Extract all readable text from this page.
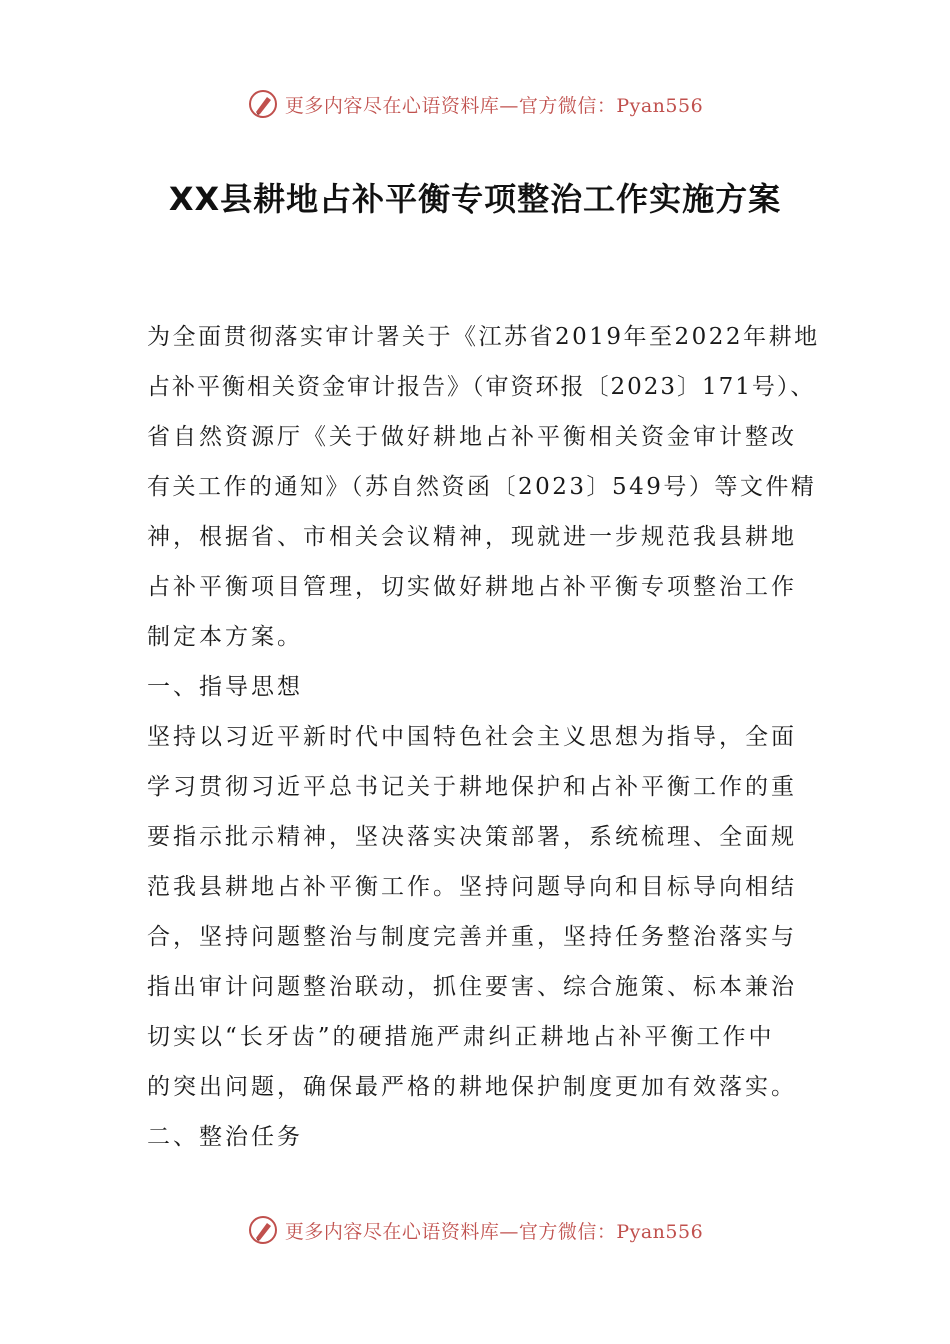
更多内容尽在心语资料库—官方微信：Pyan556
XX县耕地占补平衡专项整治工作实施方案
为全面贯彻落实审计署关于《江苏省2019年至2022年耕地
占补平衡相关资金审计报告》（审资环报〔2023〕171号）、
省自然资源厅《关于做好耕地占补平衡相关资金审计整改
有关工作的通知》（苏自然资函〔2023〕549号）等文件精
神，根据省、市相关会议精神，现就进一步规范我县耕地
占补平衡项目管理，切实做好耕地占补平衡专项整治工作
制定本方案。
一、指导思想
坚持以习近平新时代中国特色社会主义思想为指导，全面
学习贯彻习近平总书记关于耕地保护和占补平衡工作的重
要指示批示精神，坚决落实决策部署，系统梳理、全面规
范我县耕地占补平衡工作。坚持问题导向和目标导向相结
合，坚持问题整治与制度完善并重，坚持任务整治落实与
指出审计问题整治联动，抓住要害、综合施策、标本兼治
切实以“长牙齿”的硬措施严肃纠正耕地占补平衡工作中
的突出问题，确保最严格的耕地保护制度更加有效落实。
二、整治任务
更多内容尽在心语资料库—官方微信：Pyan556
